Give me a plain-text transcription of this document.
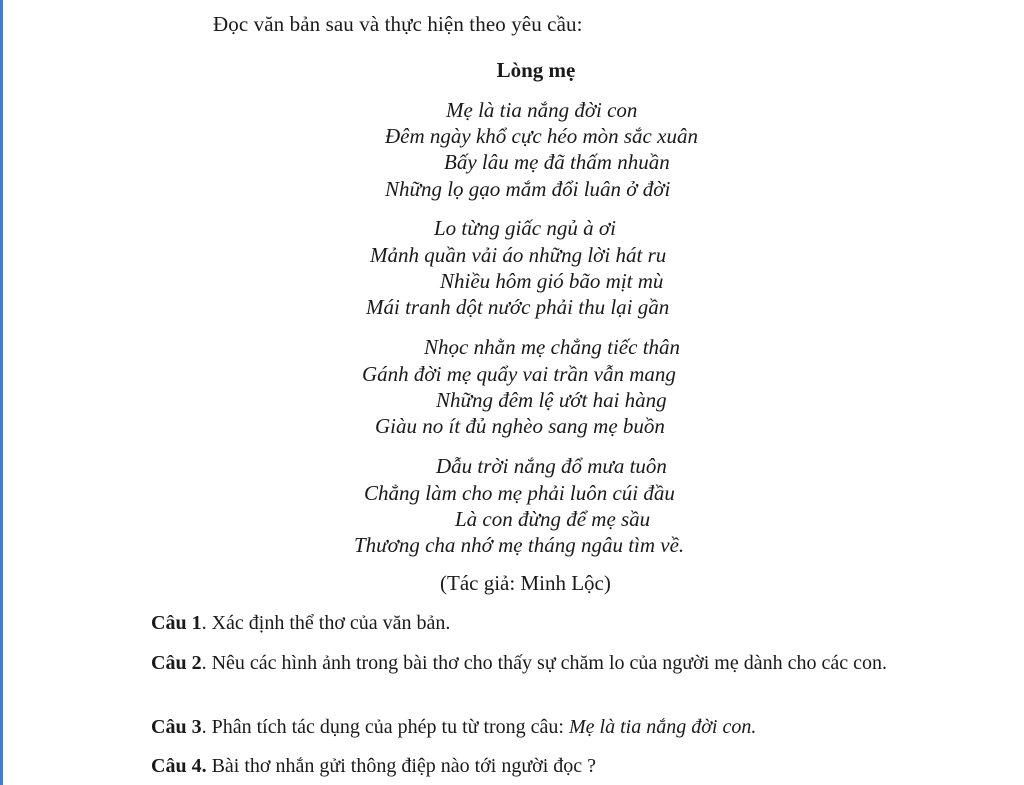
Đọc văn bản sau và thực hiện theo yêu cầu:
Lòng mẹ
Mẹ là tia nắng đời con
Đêm ngày khổ cực héo mòn sắc xuân
Bấy lâu mẹ đã thấm nhuần
Những lọ gạo mắm đổi luân ở đời
Lo từng giấc ngủ à ơi
Mảnh quần vải áo những lời hát ru
Nhiều hôm gió bão mịt mù
Mái tranh dột nước phải thu lại gần
Nhọc nhằn mẹ chẳng tiếc thân
Gánh đời mẹ quẩy vai trần vẫn mang
Những đêm lệ ướt hai hàng
Giàu no ít đủ nghèo sang mẹ buồn
Dẫu trời nắng đổ mưa tuôn
Chẳng làm cho mẹ phải luôn cúi đầu
Là con đừng để mẹ sầu
Thương cha nhớ mẹ tháng ngâu tìm về.
(Tác giả: Minh Lộc)
Câu 1. Xác định thể thơ của văn bản.
Câu 2. Nêu các hình ảnh trong bài thơ cho thấy sự chăm lo của người mẹ dành cho các con.
Câu 3. Phân tích tác dụng của phép tu từ trong câu: Mẹ là tia nắng đời con.
Câu 4. Bài thơ nhắn gửi thông điệp nào tới người đọc ?
